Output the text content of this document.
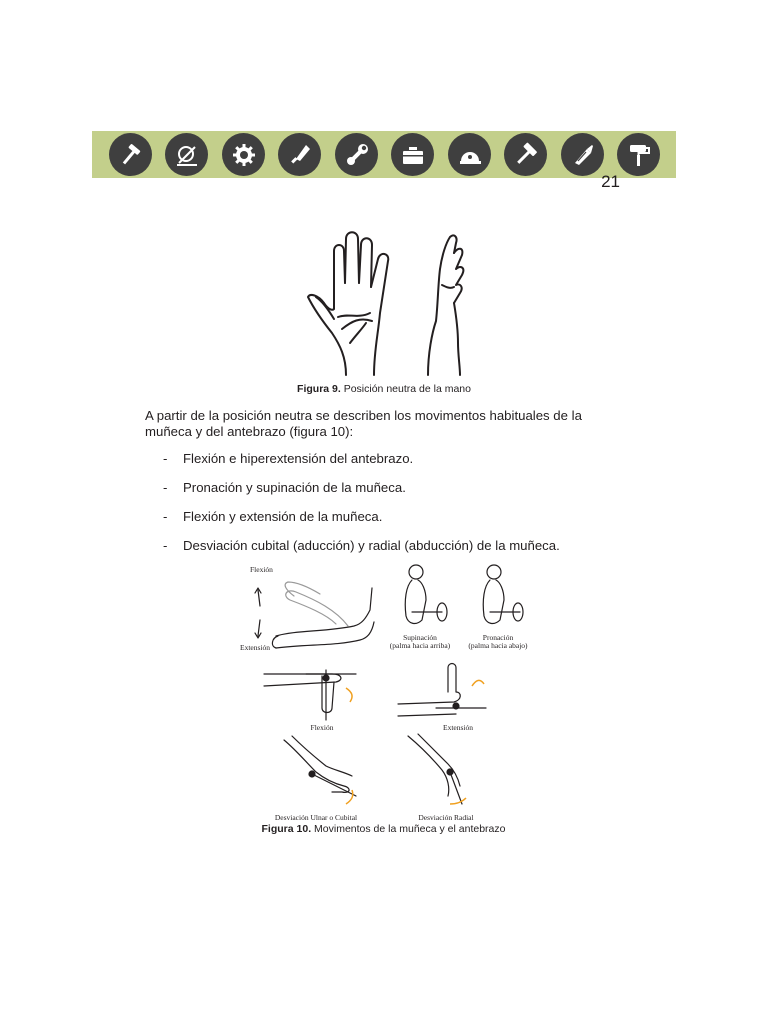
21
Figura 9. Posición neutra de la mano
A partir de la posición neutra se describen los movimentos habituales de la muñeca y del antebrazo (figura 10):
- Flexión e hiperextensión del antebrazo.
- Pronación y supinación de la muñeca.
- Flexión y extensión de la muñeca.
- Desviación cubital (aducción) y radial (abducción) de la muñeca.
Flexión
Extensión
Supinación
(palma hacia arriba)
Pronación
(palma hacia abajo)
Flexión	Extensión
Desviación Ulnar o Cubital	Desviación Radial
Figura 10. Movimentos de la muñeca y el antebrazo
